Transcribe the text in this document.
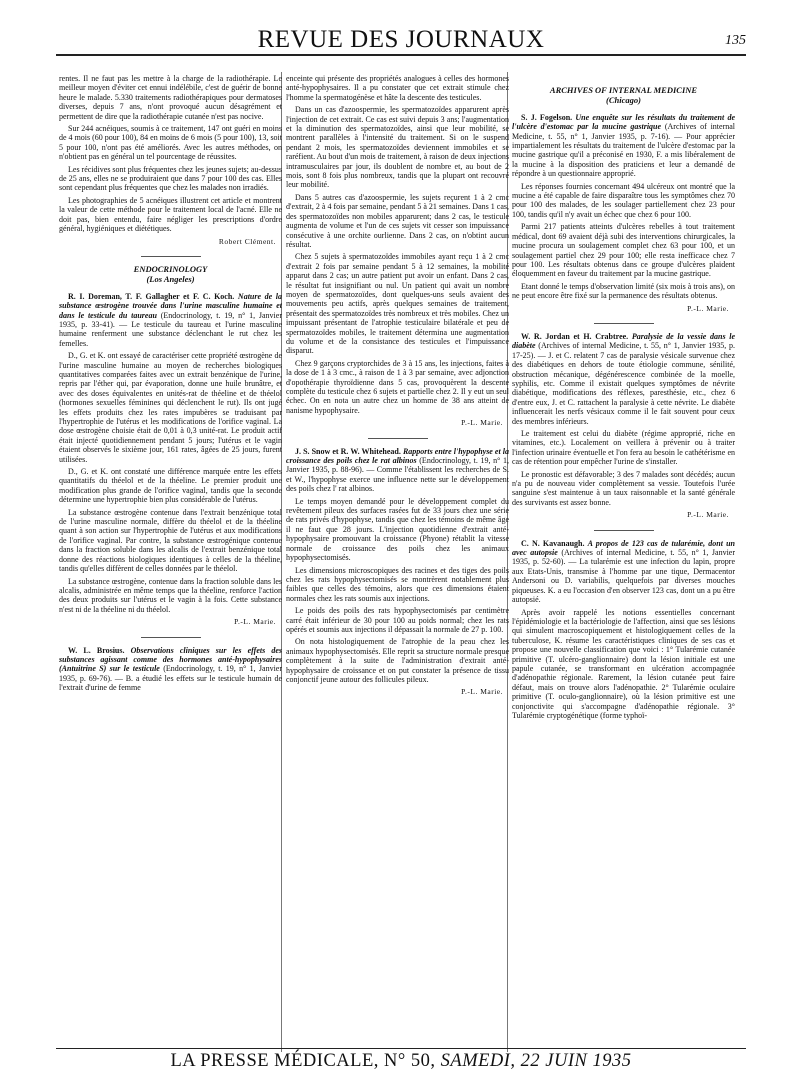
REVUE DES JOURNAUX	135

rentes. Il ne faut pas les mettre à la charge de la radiothérapie. Le meilleur moyen d'éviter cet ennui indélébile, c'est de guérir de bonne heure le malade. 5.330 traitements radiothérapiques pour dermatoses diverses, depuis 7 ans, n'ont provoqué aucun désagrément et permettent de dire que la radiothérapie cutanée n'est pas nocive.

Sur 244 acnéiques, soumis à ce traitement, 147 ont guéri en moins de 4 mois (60 pour 100), 84 en moins de 6 mois (5 pour 100), 13, soit 5 pour 100, n'ont pas été améliorés. Avec les autres méthodes, on n'obtient pas en général un tel pourcentage de réussites.

Les récidives sont plus fréquentes chez les jeunes sujets; au-dessus de 25 ans, elles ne se produiraient que dans 7 pour 100 des cas. Elles sont cependant plus fréquentes que chez les malades non irradiés.

Les photographies de 5 acnéiques illustrent cet article et montrent la valeur de cette méthode pour le traitement local de l'acné. Elle ne doit pas, bien entendu, faire négliger les prescriptions d'ordre général, hygiéniques et diététiques.

Robert Clément.
ENDOCRINOLOGY
(Los Angeles)

R. I. Doreman, T. F. Gallagher et F. C. Koch. Nature de la substance œstrogène trouvée dans l'urine masculine humaine et dans le testicule du taureau (Endocrinology, t. 19, n° 1, Janvier 1935, p. 33-41). — Le testicule du taureau et l'urine masculine humaine renferment une substance déclenchant le rut chez les femelles.

D., G. et K. ont essayé de caractériser cette propriété œstrogène de l'urine masculine humaine au moyen de recherches biologiques quantitatives comparées faites avec un extrait benzénique de l'urine, repris par l'éther qui, par évaporation, donne une huile brunâtre, et avec des doses équivalentes en unités-rat de théeline et de théelol (hormones sexuelles féminines qui déclenchent le rut). Ils ont jugé les effets produits chez les rates impubères se traduisant par l'hypertrophie de l'utérus et les modifications de l'orifice vaginal. La dose œstrogène choisie était de 0,01 à 0,3 unité-rat. Le produit actif était injecté quotidiennement pendant 5 jours; l'utérus et le vagin étaient observés le sixième jour, 161 rates, âgées de 25 jours, furent utilisées.

D., G. et K. ont constaté une différence marquée entre les effets quantitatifs du théelol et de la théeline. Le premier produit une modification plus grande de l'orifice vaginal, tandis que la seconde détermine une hypertrophie bien plus considérable de l'utérus.

La substance œstrogène contenue dans l'extrait benzénique total de l'urine masculine normale, diffère du théelol et de la théeline quant à son action sur l'hypertrophie de l'utérus et aux modifications de l'orifice vaginal. Par contre, la substance œstrogénique contenue dans la fraction soluble dans les alcalis de l'extrait benzénique total donne des réactions biologiques identiques à celles de la théeline, tandis qu'elles diffèrent de celles données par le théelol.

La substance œstrogène, contenue dans la fraction soluble dans les alcalis, administrée en même temps que la théeline, renforce l'action des deux produits sur l'utérus et le vagin à la fois. Cette substance n'est ni de la théeline ni du théelol.

P.-L. Marie.

W. L. Brosius. Observations cliniques sur les effets des substances agissant comme des hormones anté-hypophysaires (Antuitrine S) sur le testicule (Endocrinology, t. 19, n° 1, Janvier 1935, p. 69-76). — B. a étudié les effets sur le testicule humain de l'extrait d'urine de femme

enceinte qui présente des propriétés analogues à celles des hormones anté-hypophysaires. Il a pu constater que cet extrait stimule chez l'homme la spermatogénèse et hâte la descente des testicules.

Dans un cas d'azoospermie, les spermatozoïdes apparurent après l'injection de cet extrait. Ce cas est suivi depuis 3 ans; l'augmentation et la diminution des spermatozoïdes, ainsi que leur mobilité, se montrent parallèles à l'intensité du traitement. Si on le suspend pendant 2 mois, les spermatozoïdes deviennent immobiles et se raréfient. Au bout d'un mois de traitement, à raison de deux injections intramusculaires par jour, ils doublent de nombre et, au bout de 2 mois, sont 8 fois plus nombreux, tandis que la plupart ont recouvré leur mobilité.

Dans 5 autres cas d'azoospermie, les sujets reçurent 1 à 2 cmc d'extrait, 2 à 4 fois par semaine, pendant 5 à 21 semaines. Dans 1 cas, des spermatozoïdes non mobiles apparurent; dans 2 cas, le testicule augmenta de volume et l'un de ces sujets vit cesser son impuissance consécutive à une orchite ourlienne. Dans 2 cas, on n'obtint aucun résultat.

Chez 5 sujets à spermatozoïdes immobiles ayant reçu 1 à 2 cmc d'extrait 2 fois par semaine pendant 5 à 12 semaines, la mobilité apparut dans 2 cas; un autre patient put avoir un enfant. Dans 2 cas, le résultat fut insignifiant ou nul. Un patient qui avait un nombre moyen de spermatozoïdes, dont quelques-uns seuls avaient des mouvements peu actifs, après quelques semaines de traitement, présentait des spermatozoïdes très nombreux et très mobiles. Chez un impuissant présentant de l'atrophie testiculaire bilatérale et peu de spermatozoïdes mobiles, le traitement détermina une augmentation du volume et de la consistance des testicules et l'impuissance disparut.

Chez 9 garçons cryptorchides de 3 à 15 ans, les injections, faites à la dose de 1 à 3 cmc., à raison de 1 à 3 par semaine, avec adjonction d'opothérapie thyroïdienne dans 5 cas, provoquèrent la descente complète du testicule chez 6 sujets et partielle chez 2. Il y eut un seul échec. On en nota un autre chez un homme de 38 ans atteint de nanisme hypophysaire.

P.-L. Marie.

J. S. Snow et R. W. Whitehead. Rapports entre l'hypophyse et la croissance des poils chez le rat albinos (Endocrinology, t. 19, n° 1, Janvier 1935, p. 88-96). — Comme l'établissent les recherches de S. et W., l'hypophyse exerce une influence nette sur le développement des poils chez l' rat albinos.

Le temps moyen demandé pour le développement complet du revêtement pileux des surfaces rasées fut de 33 jours chez une série de rats privés d'hypophyse, tandis que chez les témoins de même âge il ne faut que 28 jours. L'injection quotidienne d'extrait anté-hypophysaire promouvant la croissance (Phyone) rétablit la vitesse normale de croissance des poils chez les animaux hypophysectomisés.

Les dimensions microscopiques des racines et des tiges des poils chez les rats hypophysectomisés se montrèrent notablement plus faibles que celles des témoins, alors que ces dimensions étaient normales chez les rats soumis aux injections.

Le poids des poils des rats hypophysectomisés par centimètre carré était inférieur de 30 pour 100 au poids normal; chez les rats opérés et soumis aux injections il dépassait la normale de 27 p. 100.

On nota histologiquement de l'atrophie de la peau chez les animaux hypophysectomisés. Elle reprit sa structure normale presque complètement à la suite de l'administration d'extrait anté-hypophysaire de croissance et on put constater la présence de tissu conjonctif jeune autour des follicules pileux.

P.-L. Marie.
ARCHIVES OF INTERNAL MEDICINE
(Chicago)

S. J. Fogelson. Une enquête sur les résultats du traitement de l'ulcère d'estomac par la mucine gastrique (Archives of internal Medicine, t. 55, n° 1, Janvier 1935, p. 7-16). — Pour apprécier impartialement les résultats du traitement de l'ulcère d'estomac par la mucine gastrique qu'il a préconisé en 1930, F. a mis libéralement de la mucine à la disposition des praticiens et leur a demandé de répondre à un questionnaire approprié.

Les réponses fournies concernant 494 ulcéreux ont montré que la mucine a été capable de faire disparaître tous les symptômes chez 70 pour 100 des malades, de les soulager partiellement chez 23 pour 100, tandis qu'il n'y avait un échec que chez 6 pour 100.

Parmi 217 patients atteints d'ulcères rebelles à tout traitement médical, dont 69 avaient déjà subi des interventions chirurgicales, la mucine procura un soulagement complet chez 63 pour 100, et un soulagement partiel chez 29 pour 100; elle resta inefficace chez 7 pour 100. Les résultats obtenus dans ce groupe d'ulcères plaident éloquemment en faveur du traitement par la mucine gastrique.

Etant donné le temps d'observation limité (six mois à trois ans), on ne peut encore être fixé sur la permanence des résultats obtenus.

P.-L. Marie.

W. R. Jordan et H. Crabtree. Paralysie de la vessie dans le diabète (Archives of internal Medicine, t. 55, n° 1, Janvier 1935, p. 17-25). — J. et C. relatent 7 cas de paralysie vésicale survenue chez des diabétiques en dehors de toute étiologie commune, sénilité, obstruction mécanique, dégénérescence combinée de la moelle, syphilis, etc. Comme il existait quelques symptômes de névrite diabétique, modifications des réflexes, paresthésie, etc., chez 6 d'entre eux, J. et C. rattachent la paralysie à cette névrite. Le diabète influencerait les nerfs vésicaux comme il le fait souvent pour ceux des membres inférieurs.

Le traitement est celui du diabète (régime approprié, riche en vitamines, etc.). Localement on veillera à prévenir ou à traiter l'infection urinaire éventuelle et l'on fera au besoin le cathétérisme en cas de rétention pour empêcher l'urine de s'installer.

Le pronostic est défavorable; 3 des 7 malades sont décédés; aucun n'a pu de nouveau vider complètement sa vessie. Toutefois l'urée sanguine s'est maintenue à un taux raisonnable et la santé générale des survivants est assez bonne.

P.-L. Marie.

C. N. Kavanaugh. A propos de 123 cas de tularémie, dont un avec autopsie (Archives of internal Medicine, t. 55, n° 1, Janvier 1935, p. 52-60). — La tularémie est une infection du lapin, propre aux Etats-Unis, transmise à l'homme par une tique, Dermacentor Andersoni ou D. variabilis, quelquefois par diverses mouches piqueuses. K. a eu l'occasion d'en observer 123 cas, dont un a pu être autopsié.

Après avoir rappelé les notions essentielles concernant l'épidémiologie et la bactériologie de l'affection, ainsi que ses lésions qui simulent macroscopiquement et histologiquement celles de la tuberculose, K. résume les caractéristiques cliniques de ses cas et propose une nouvelle classification que voici : 1° Tularémie cutanée primitive (T. ulcéro-ganglionnaire) dont la lésion initiale est une papule cutanée, se transformant en ulcération accompagnée d'adénopathie régionale. Rarement, la lésion cutanée peut faire défaut, mais on trouve alors l'adénopathie. 2° Tularémie oculaire primitive (T. oculo-ganglionnaire), où la lésion primitive est une conjonctivite qui s'accompagne d'adénopathie régionale. 3° Tularémie cryptogénétique (forme typhoï-

LA PRESSE MÉDICALE, N° 50, SAMEDI, 22 JUIN 1935
